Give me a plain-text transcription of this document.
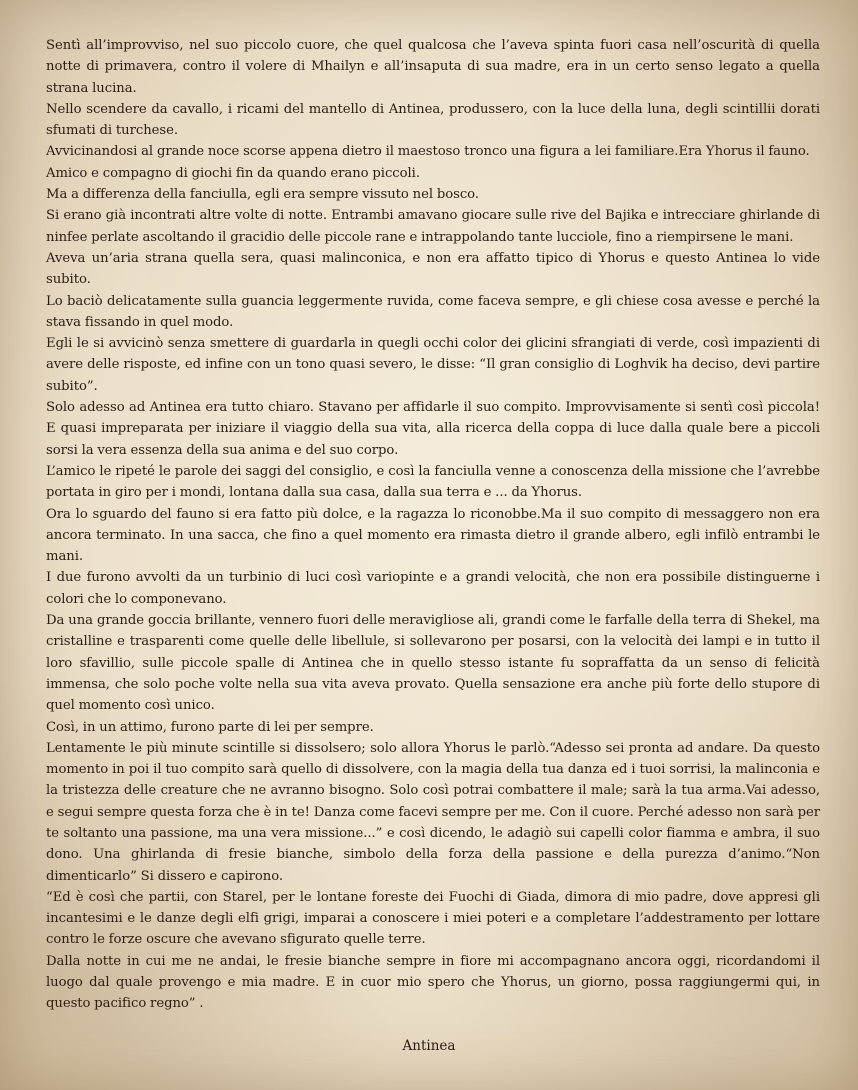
Sentì all’improvviso, nel suo piccolo cuore, che quel qualcosa che l’aveva spinta fuori casa nell’oscurità di quella notte di primavera, contro il volere di Mhailyn e all’insaputa di sua madre, era in un certo senso legato a quella strana lucina.

Nello scendere da cavallo, i ricami del mantello di Antinea, produssero, con la luce della luna, degli scintillii dorati sfumati di turchese.

Avvicinandosi al grande noce scorse appena dietro il maestoso tronco una figura a lei familiare.Era Yhorus il fauno.

Amico e compagno di giochi fin da quando erano piccoli.

Ma a differenza della fanciulla, egli era sempre vissuto nel bosco.

Si erano già incontrati altre volte di notte. Entrambi amavano giocare sulle rive del Bajika e intrecciare ghirlande di ninfee perlate ascoltando il gracidio delle piccole rane e intrappolando tante lucciole, fino a riempirsene le mani.

Aveva un’aria strana quella sera, quasi malinconica, e non era affatto tipico di Yhorus e questo Antinea lo vide subito.

Lo baciò delicatamente sulla guancia leggermente ruvida, come faceva sempre, e gli chiese cosa avesse e perché la stava fissando in quel modo.

Egli le si avvicinò senza smettere di guardarla in quegli occhi color dei glicini sfrangiati di verde, così impazienti di avere delle risposte, ed infine con un tono quasi severo, le disse: “Il gran consiglio di Loghvik ha deciso, devi partire subito”.

Solo adesso ad Antinea era tutto chiaro. Stavano per affidarle il suo compito. Improvvisamente si sentì così piccola! E quasi impreparata per iniziare il viaggio della sua vita, alla ricerca della coppa di luce dalla quale bere a piccoli sorsi la vera essenza della sua anima e del suo corpo.

L’amico le ripeté le parole dei saggi del consiglio, e così la fanciulla venne a conoscenza della missione che l’avrebbe portata in giro per i mondi, lontana dalla sua casa, dalla sua terra e ... da Yhorus.

Ora lo sguardo del fauno si era fatto più dolce, e la ragazza lo riconobbe.Ma il suo compito di messaggero non era ancora terminato. In una sacca, che fino a quel momento era rimasta dietro il grande albero, egli infilò entrambi le mani.

I due furono avvolti da un turbinio di luci così variopinte e a grandi velocità, che non era possibile distinguerne i colori che lo componevano.

Da una grande goccia brillante, vennero fuori delle meravigliose ali, grandi come le farfalle della terra di Shekel, ma cristalline e trasparenti come quelle delle libellule, si sollevarono per posarsi, con la velocità dei lampi e in tutto il loro sfavillio, sulle piccole spalle di Antinea che in quello stesso istante fu sopraffatta da un senso di felicità immensa, che solo poche volte nella sua vita aveva provato. Quella sensazione era anche più forte dello stupore di quel momento così unico.

Così, in un attimo, furono parte di lei per sempre.

Lentamente le più minute scintille si dissolsero; solo allora Yhorus le parlò.“Adesso sei pronta ad andare. Da questo momento in poi il tuo compito sarà quello di dissolvere, con la magia della tua danza ed i tuoi sorrisi, la malinconia e la tristezza delle creature che ne avranno bisogno. Solo così potrai combattere il male; sarà la tua arma.Vai adesso, e segui sempre questa forza che è in te! Danza come facevi sempre per me. Con il cuore. Perché adesso non sarà per te soltanto una passione, ma una vera missione...” e così dicendo, le adagiò sui capelli color fiamma e ambra, il suo dono. Una ghirlanda di fresie bianche, simbolo della forza della passione e della purezza d’animo.“Non dimenticarlo” Si dissero e capirono.

“Ed è così che partii, con Starel, per le lontane foreste dei Fuochi di Giada, dimora di mio padre, dove appresi gli incantesimi e le danze degli elfi grigi, imparai a conoscere i miei poteri e a completare l’addestramento per lottare contro le forze oscure che avevano sfigurato quelle terre.

Dalla notte in cui me ne andai, le fresie bianche sempre in fiore mi accompagnano ancora oggi, ricordandomi il luogo dal quale provengo e mia madre. E in cuor mio spero che Yhorus, un giorno, possa raggiungermi qui, in questo pacifico regno” .

Antinea
